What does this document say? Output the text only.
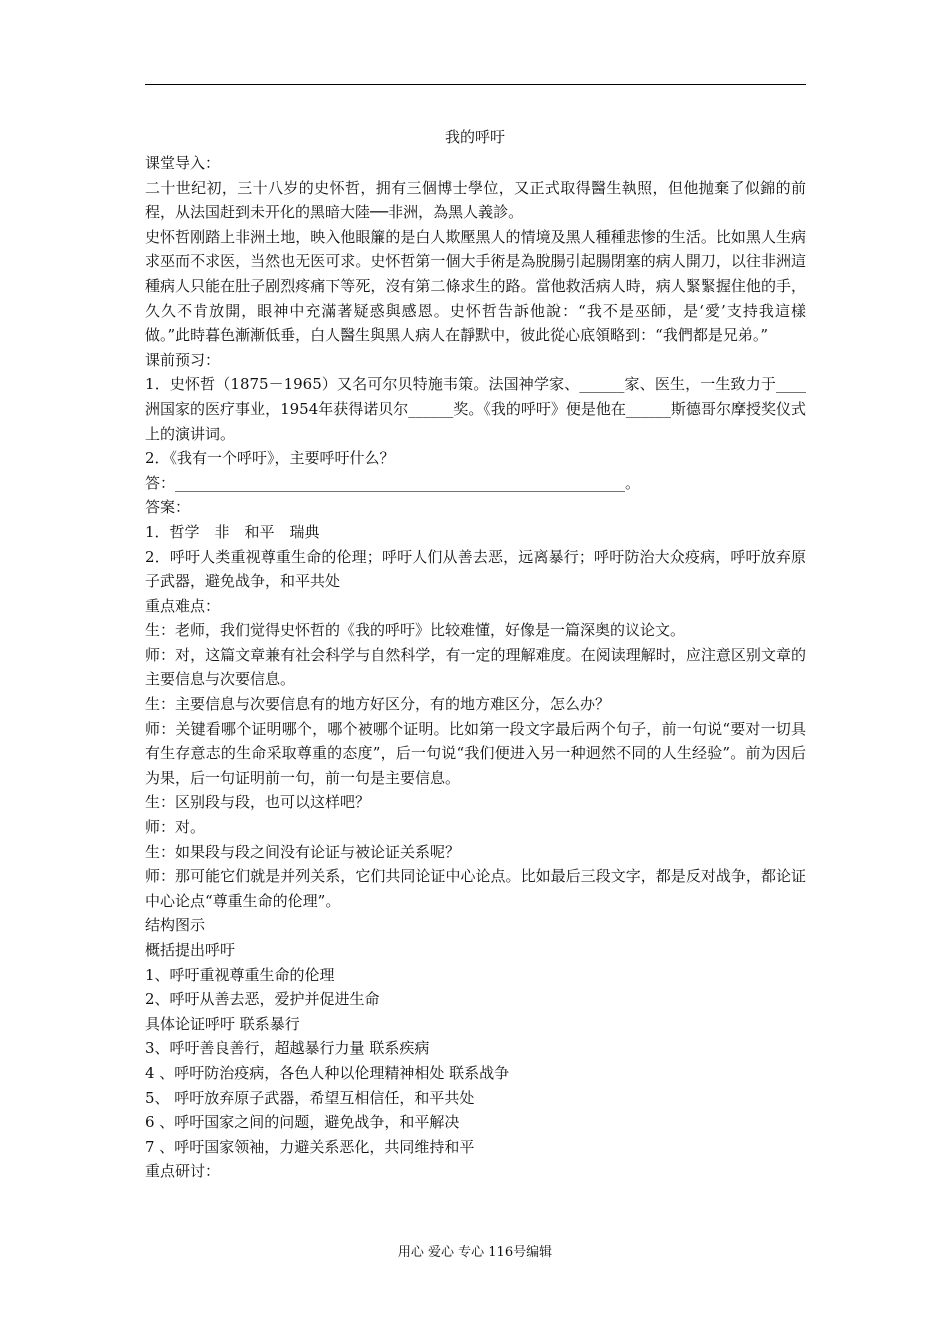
我的呼吁
课堂导入：
二十世纪初，三十八岁的史怀哲，拥有三個博士學位，又正式取得醫生執照，但他抛棄了似錦的前程，从法国赶到未开化的黑暗大陸──非洲，為黑人義診。
史怀哲刚踏上非洲土地，映入他眼簾的是白人欺壓黑人的情境及黑人種種悲惨的生活。比如黑人生病求巫而不求医，当然也无医可求。史怀哲第一個大手術是為脫腸引起腸閉塞的病人開刀，以往非洲這種病人只能在肚子剧烈疼痛下等死，沒有第二條求生的路。當他救活病人時，病人緊緊握住他的手，久久不肯放開，眼神中充滿著疑惑與感恩。史怀哲告訴他說：“我不是巫師，是‘愛’支持我這樣做。”此時暮色漸漸低垂，白人醫生與黑人病人在靜默中，彼此從心底領略到：“我們都是兄弟。”
课前预习：
1．史怀哲（1875－1965）又名可尔贝特施韦策。法国神学家、______家、医生，一生致力于____洲国家的医疗事业，1954年获得诺贝尔______奖。《我的呼吁》便是他在______斯德哥尔摩授奖仪式上的演讲词。
2．《我有一个呼吁》，主要呼吁什么？
答：____________________________________________________________。
答案：
1．哲学　非　和平　瑞典
2．呼吁人类重视尊重生命的伦理；呼吁人们从善去恶，远离暴行；呼吁防治大众疫病，呼吁放弃原子武器，避免战争，和平共处
重点难点：
生：老师，我们觉得史怀哲的《我的呼吁》比较难懂，好像是一篇深奥的议论文。
师：对，这篇文章兼有社会科学与自然科学，有一定的理解难度。在阅读理解时，应注意区别文章的主要信息与次要信息。
生：主要信息与次要信息有的地方好区分，有的地方难区分，怎么办？
师：关键看哪个证明哪个，哪个被哪个证明。比如第一段文字最后两个句子，前一句说“要对一切具有生存意志的生命采取尊重的态度”，后一句说“我们便进入另一种迥然不同的人生经验”。前为因后为果，后一句证明前一句，前一句是主要信息。
生：区别段与段，也可以这样吧？
师：对。
生：如果段与段之间没有论证与被论证关系呢？
师：那可能它们就是并列关系，它们共同论证中心论点。比如最后三段文字，都是反对战争，都论证中心论点“尊重生命的伦理”。
结构图示
概括提出呼吁
1、呼吁重视尊重生命的伦理
2、呼吁从善去恶，爱护并促进生命
具体论证呼吁 联系暴行
3、呼吁善良善行，超越暴行力量 联系疾病
4 、呼吁防治疫病，各色人种以伦理精神相处 联系战争
5、 呼吁放弃原子武器，希望互相信任，和平共处
6 、呼吁国家之间的问题，避免战争，和平解决
7 、呼吁国家领袖，力避关系恶化，共同维持和平
重点研讨：
用心 爱心 专心 116号编辑
